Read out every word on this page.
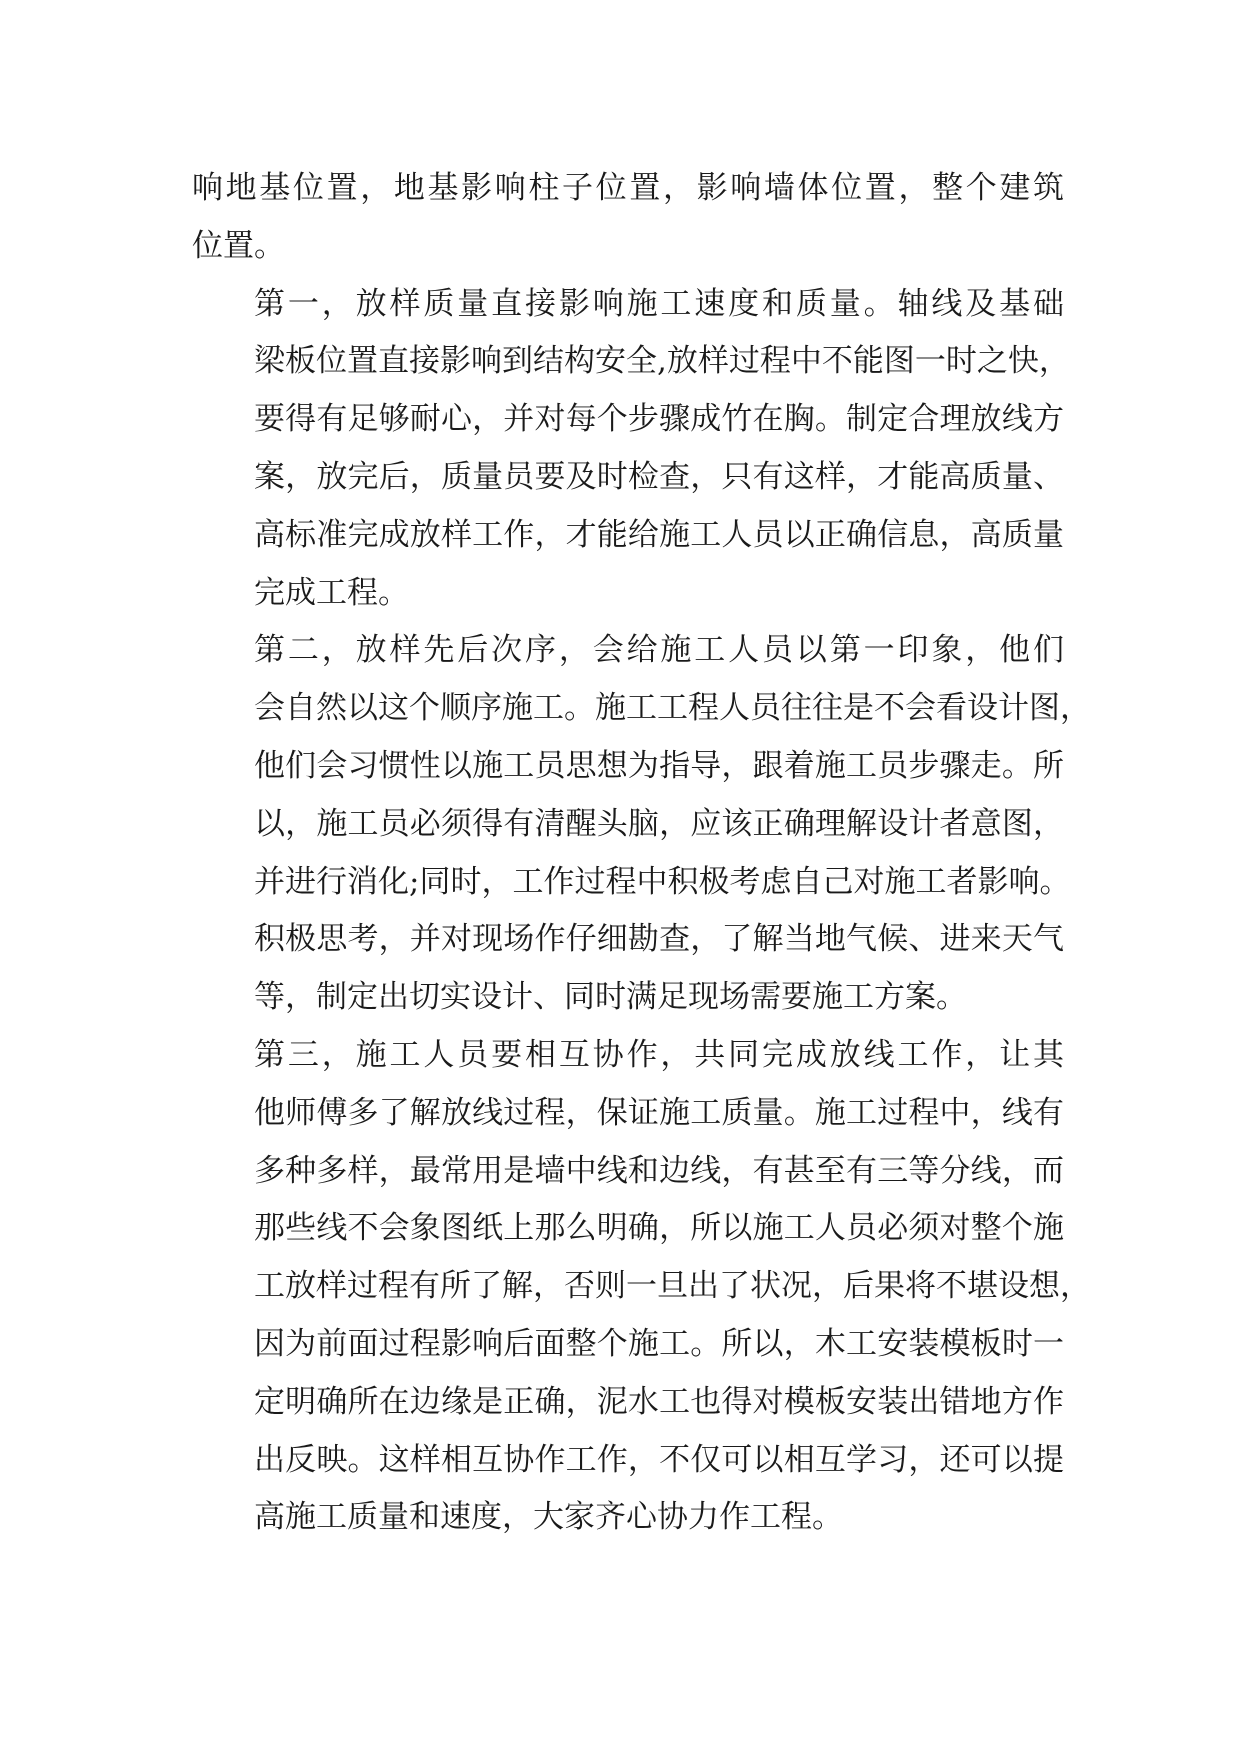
响地基位置，地基影响柱子位置，影响墙体位置，整个建筑
位置。

第一，放样质量直接影响施工速度和质量。轴线及基础
梁板位置直接影响到结构安全,放样过程中不能图一时之快，
要得有足够耐心，并对每个步骤成竹在胸。制定合理放线方
案，放完后，质量员要及时检查，只有这样，才能高质量、
高标准完成放样工作，才能给施工人员以正确信息，高质量
完成工程。

第二，放样先后次序，会给施工人员以第一印象，他们
会自然以这个顺序施工。施工工程人员往往是不会看设计图，
他们会习惯性以施工员思想为指导，跟着施工员步骤走。所
以，施工员必须得有清醒头脑，应该正确理解设计者意图，
并进行消化;同时，工作过程中积极考虑自己对施工者影响。
积极思考，并对现场作仔细勘查，了解当地气候、进来天气
等，制定出切实设计、同时满足现场需要施工方案。

第三，施工人员要相互协作，共同完成放线工作，让其
他师傅多了解放线过程，保证施工质量。施工过程中，线有
多种多样，最常用是墙中线和边线，有甚至有三等分线，而
那些线不会象图纸上那么明确，所以施工人员必须对整个施
工放样过程有所了解，否则一旦出了状况，后果将不堪设想，
因为前面过程影响后面整个施工。所以，木工安装模板时一
定明确所在边缘是正确，泥水工也得对模板安装出错地方作
出反映。这样相互协作工作，不仅可以相互学习，还可以提
高施工质量和速度，大家齐心协力作工程。
